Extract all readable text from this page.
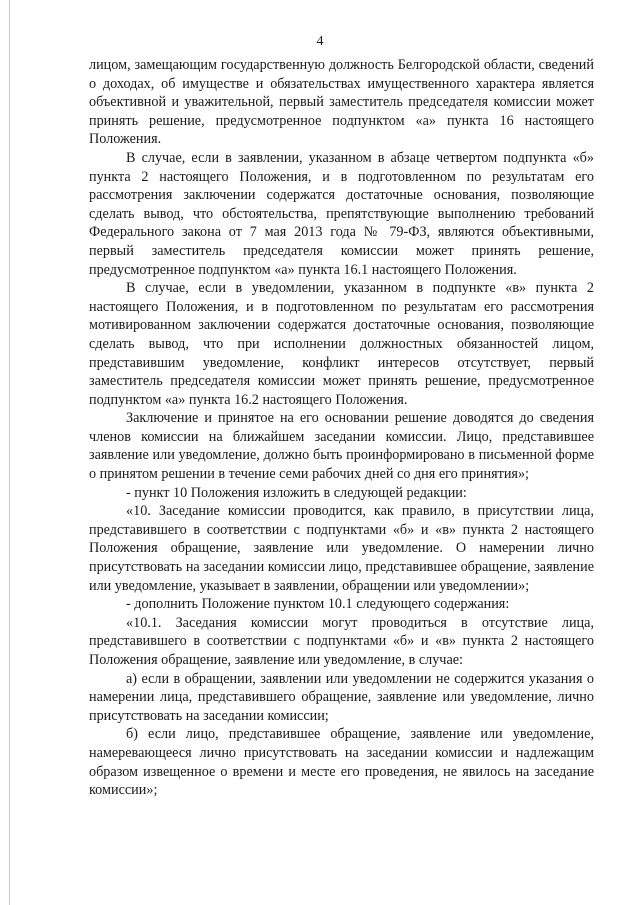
4

лицом, замещающим государственную должность Белгородской области, сведений о доходах, об имуществе и обязательствах имущественного характера является объективной и уважительной, первый заместитель председателя комиссии может принять решение, предусмотренное подпунктом «а» пункта 16 настоящего Положения.

В случае, если в заявлении, указанном в абзаце четвертом подпункта «б» пункта 2 настоящего Положения, и в подготовленном по результатам его рассмотрения заключении содержатся достаточные основания, позволяющие сделать вывод, что обстоятельства, препятствующие выполнению требований Федерального закона от 7 мая 2013 года № 79-ФЗ, являются объективными, первый заместитель председателя комиссии может принять решение, предусмотренное подпунктом «а» пункта 16.1 настоящего Положения.

В случае, если в уведомлении, указанном в подпункте «в» пункта 2 настоящего Положения, и в подготовленном по результатам его рассмотрения мотивированном заключении содержатся достаточные основания, позволяющие сделать вывод, что при исполнении должностных обязанностей лицом, представившим уведомление, конфликт интересов отсутствует, первый заместитель председателя комиссии может принять решение, предусмотренное подпунктом «а» пункта 16.2 настоящего Положения.

Заключение и принятое на его основании решение доводятся до сведения членов комиссии на ближайшем заседании комиссии. Лицо, представившее заявление или уведомление, должно быть проинформировано в письменной форме о принятом решении в течение семи рабочих дней со дня его принятия»;

- пункт 10 Положения изложить в следующей редакции:

«10. Заседание комиссии проводится, как правило, в присутствии лица, представившего в соответствии с подпунктами «б» и «в» пункта 2 настоящего Положения обращение, заявление или уведомление. О намерении лично присутствовать на заседании комиссии лицо, представившее обращение, заявление или уведомление, указывает в заявлении, обращении или уведомлении»;

- дополнить Положение пунктом 10.1 следующего содержания:

«10.1. Заседания комиссии могут проводиться в отсутствие лица, представившего в соответствии с подпунктами «б» и «в» пункта 2 настоящего Положения обращение, заявление или уведомление, в случае:

а) если в обращении, заявлении или уведомлении не содержится указания о намерении лица, представившего обращение, заявление или уведомление, лично присутствовать на заседании комиссии;

б) если лицо, представившее обращение, заявление или уведомление, намеревающееся лично присутствовать на заседании комиссии и надлежащим образом извещенное о времени и месте его проведения, не явилось на заседание комиссии»;
